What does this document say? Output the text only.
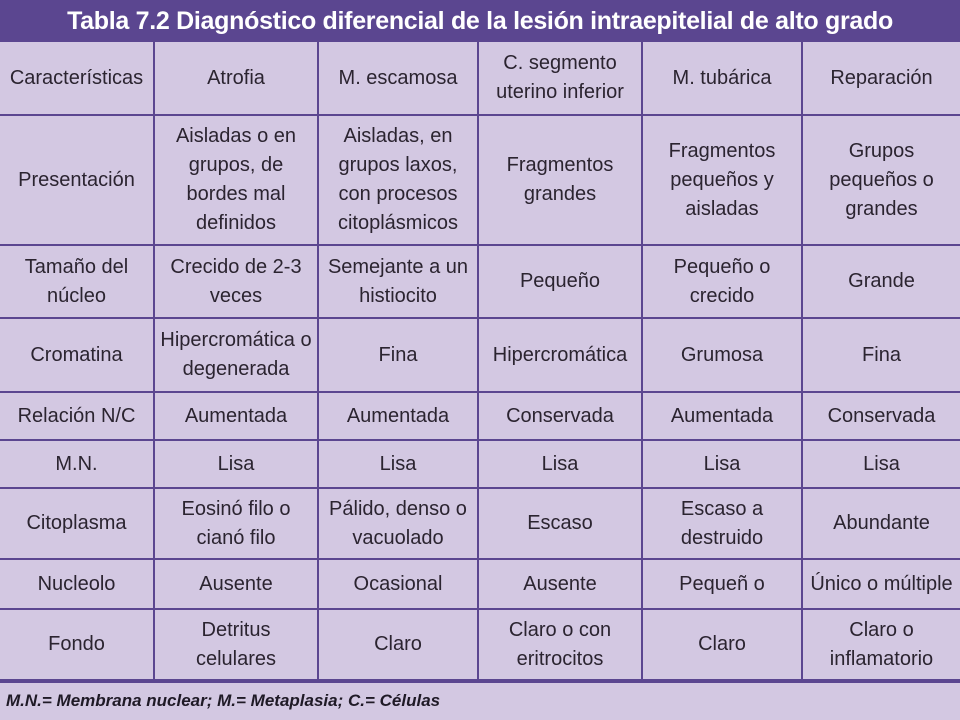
Tabla 7.2 Diagnóstico diferencial de la lesión intraepitelial de alto grado
Características	Atrofia	M. escamosa	C. segmento uterino inferior	M. tubárica	Reparación
Presentación	Aisladas o en grupos, de bordes mal definidos	Aisladas, en grupos laxos, con procesos citoplásmicos	Fragmentos grandes	Fragmentos pequeños y aisladas	Grupos pequeños o grandes
Tamaño del núcleo	Crecido de 2-3 veces	Semejante a un histiocito	Pequeño	Pequeño o crecido	Grande
Cromatina	Hipercromática o degenerada	Fina	Hipercromática	Grumosa	Fina
Relación N/C	Aumentada	Aumentada	Conservada	Aumentada	Conservada
M.N.	Lisa	Lisa	Lisa	Lisa	Lisa
Citoplasma	Eosinó filo o cianó filo	Pálido, denso o vacuolado	Escaso	Escaso a destruido	Abundante
Nucleolo	Ausente	Ocasional	Ausente	Pequeñ o	Único o múltiple
Fondo	Detritus celulares	Claro	Claro o con eritrocitos	Claro	Claro o inflamatorio
M.N.= Membrana nuclear; M.= Metaplasia; C.= Células
